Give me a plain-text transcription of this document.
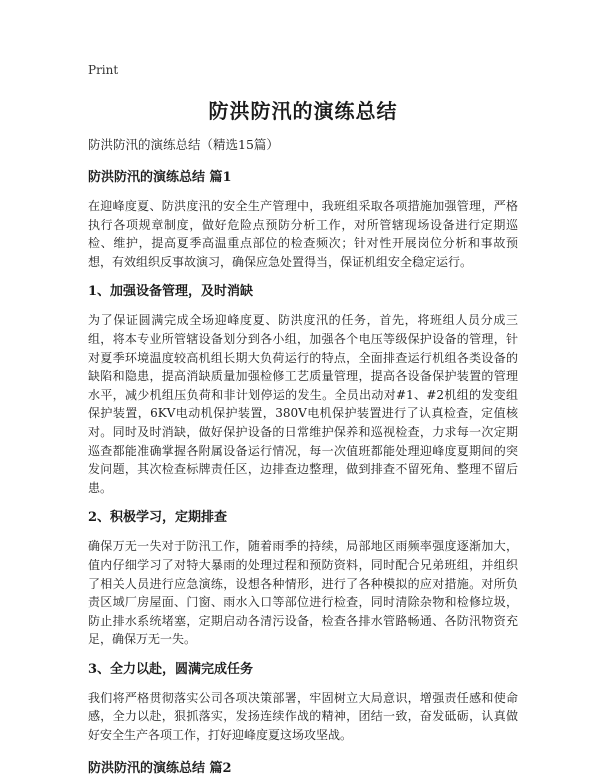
Print
防洪防汛的演练总结
防洪防汛的演练总结（精选15篇）
防洪防汛的演练总结 篇1
在迎峰度夏、防洪度汛的安全生产管理中，我班组采取各项措施加强管理，严格执行各项规章制度，做好危险点预防分析工作，对所管辖现场设备进行定期巡检、维护，提高夏季高温重点部位的检查频次；针对性开展岗位分析和事故预想，有效组织反事故演习，确保应急处置得当，保证机组安全稳定运行。
1、加强设备管理，及时消缺
为了保证圆满完成全场迎峰度夏、防洪度汛的任务，首先，将班组人员分成三组，将本专业所管辖设备划分到各小组，加强各个电压等级保护设备的管理，针对夏季环境温度较高机组长期大负荷运行的特点，全面排查运行机组各类设备的缺陷和隐患，提高消缺质量加强检修工艺质量管理，提高各设备保护装置的管理水平，减少机组压负荷和非计划停运的发生。全员出动对#1、#2机组的发变组保护装置，6KV电动机保护装置，380V电机保护装置进行了认真检查，定值核对。同时及时消缺，做好保护设备的日常维护保养和巡视检查，力求每一次定期巡查都能准确掌握各附属设备运行情况，每一次值班都能处理迎峰度夏期间的突发问题，其次检查标牌责任区，边排查边整理，做到排查不留死角、整理不留后患。
2、积极学习，定期排查
确保万无一失对于防汛工作，随着雨季的持续，局部地区雨频率强度逐渐加大，值内仔细学习了对特大暴雨的处理过程和预防资料，同时配合兄弟班组，并组织了相关人员进行应急演练，设想各种情形，进行了各种模拟的应对措施。对所负责区域厂房屋面、门窗、雨水入口等部位进行检查，同时清除杂物和检修垃圾，防止排水系统堵塞，定期启动各清污设备，检查各排水管路畅通、各防汛物资充足，确保万无一失。
3、全力以赴，圆满完成任务
我们将严格贯彻落实公司各项决策部署，牢固树立大局意识，增强责任感和使命感，全力以赴，狠抓落实，发扬连续作战的精神，团结一致，奋发砥砺，认真做好安全生产各项工作，打好迎峰度夏这场攻坚战。
防洪防汛的演练总结 篇2
